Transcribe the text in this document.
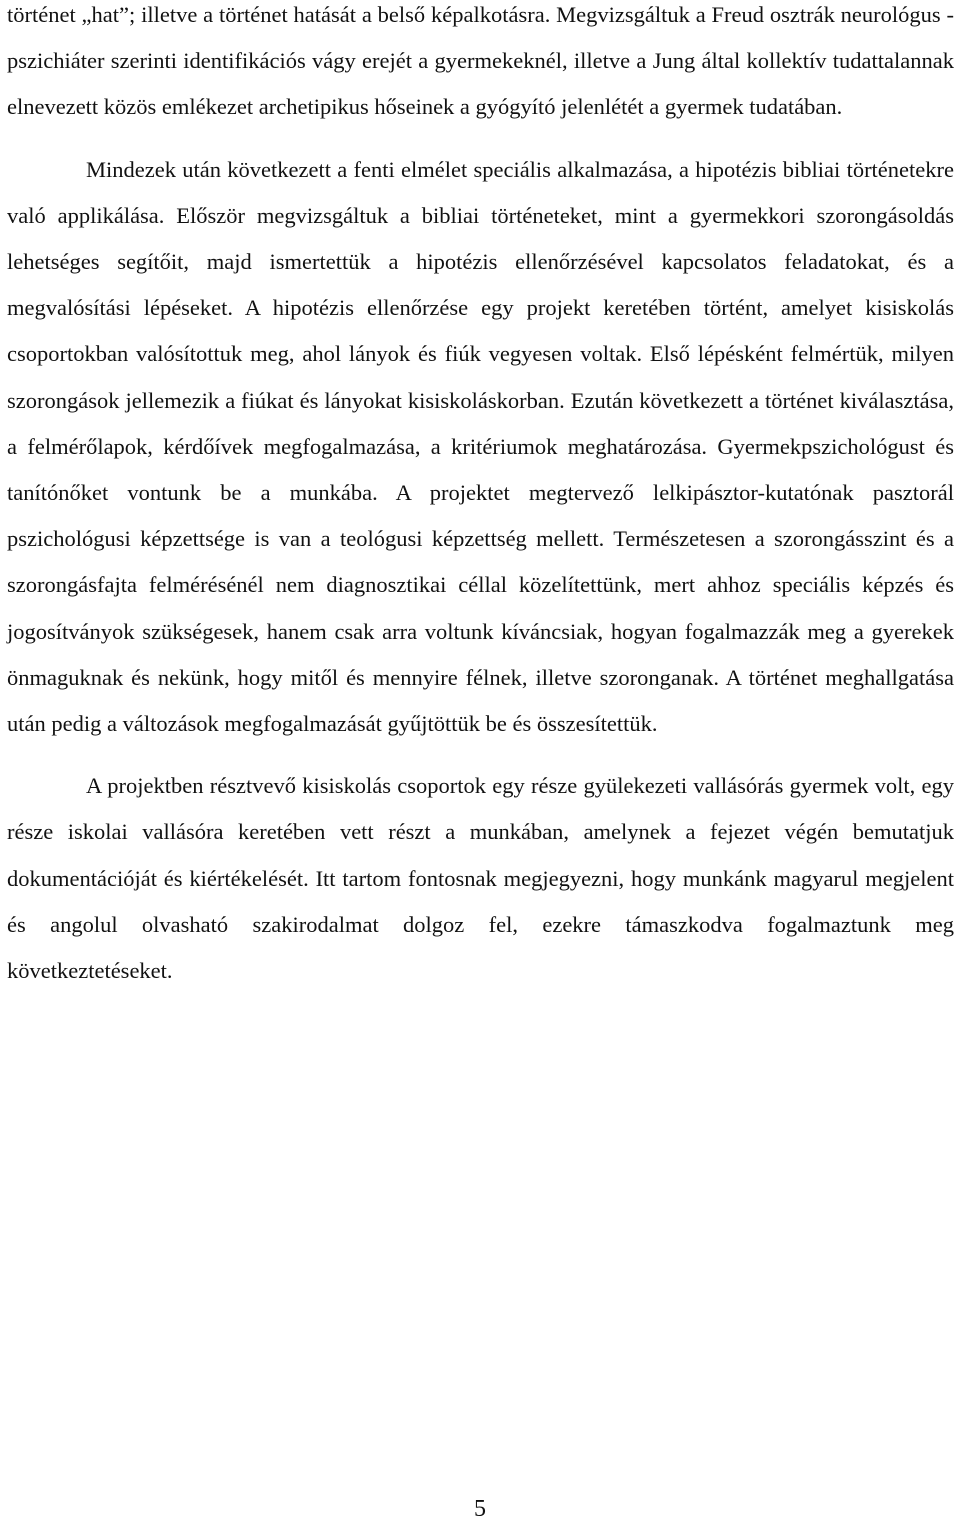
történet „hat”; illetve a történet hatását a belső képalkotásra. Megvizsgáltuk a Freud osztrák neurológus - pszichiáter szerinti identifikációs vágy erejét a gyermekeknél, illetve a Jung által kollektív tudattalannak elnevezett közös emlékezet archetipikus hőseinek a gyógyító jelenlétét a gyermek tudatában.

Mindezek után következett a fenti elmélet speciális alkalmazása, a hipotézis bibliai történetekre való applikálása. Először megvizsgáltuk a bibliai történeteket, mint a gyermekkori szorongásoldás lehetséges segítőit, majd ismertettük a hipotézis ellenőrzésével kapcsolatos feladatokat, és a megvalósítási lépéseket. A hipotézis ellenőrzése egy projekt keretében történt, amelyet kisiskolás csoportokban valósítottuk meg, ahol lányok és fiúk vegyesen voltak. Első lépésként felmértük, milyen szorongások jellemezik a fiúkat és lányokat kisiskoláskorban. Ezután következett a történet kiválasztása, a felmérőlapok, kérdőívek megfogalmazása, a kritériumok meghatározása. Gyermekpszichológust és tanítónőket vontunk be a munkába. A projektet megtervező lelkipásztor-kutatónak pasztorál pszichológusi képzettsége is van a teológusi képzettség mellett. Természetesen a szorongásszint és a szorongásfajta felmérésénél nem diagnosztikai céllal közelítettünk, mert ahhoz speciális képzés és jogosítványok szükségesek, hanem csak arra voltunk kíváncsiak, hogyan fogalmazzák meg a gyerekek önmaguknak és nekünk, hogy mitől és mennyire félnek, illetve szoronganak. A történet meghallgatása után pedig a változások megfogalmazását gyűjtöttük be és összesítettük.

A projektben résztvevő kisiskolás csoportok egy része gyülekezeti vallásórás gyermek volt, egy része iskolai vallásóra keretében vett részt a munkában, amelynek a fejezet végén bemutatjuk dokumentációját és kiértékelését. Itt tartom fontosnak megjegyezni, hogy munkánk magyarul megjelent és angolul olvasható szakirodalmat dolgoz fel, ezekre támaszkodva fogalmaztunk meg következtetéseket.

5
